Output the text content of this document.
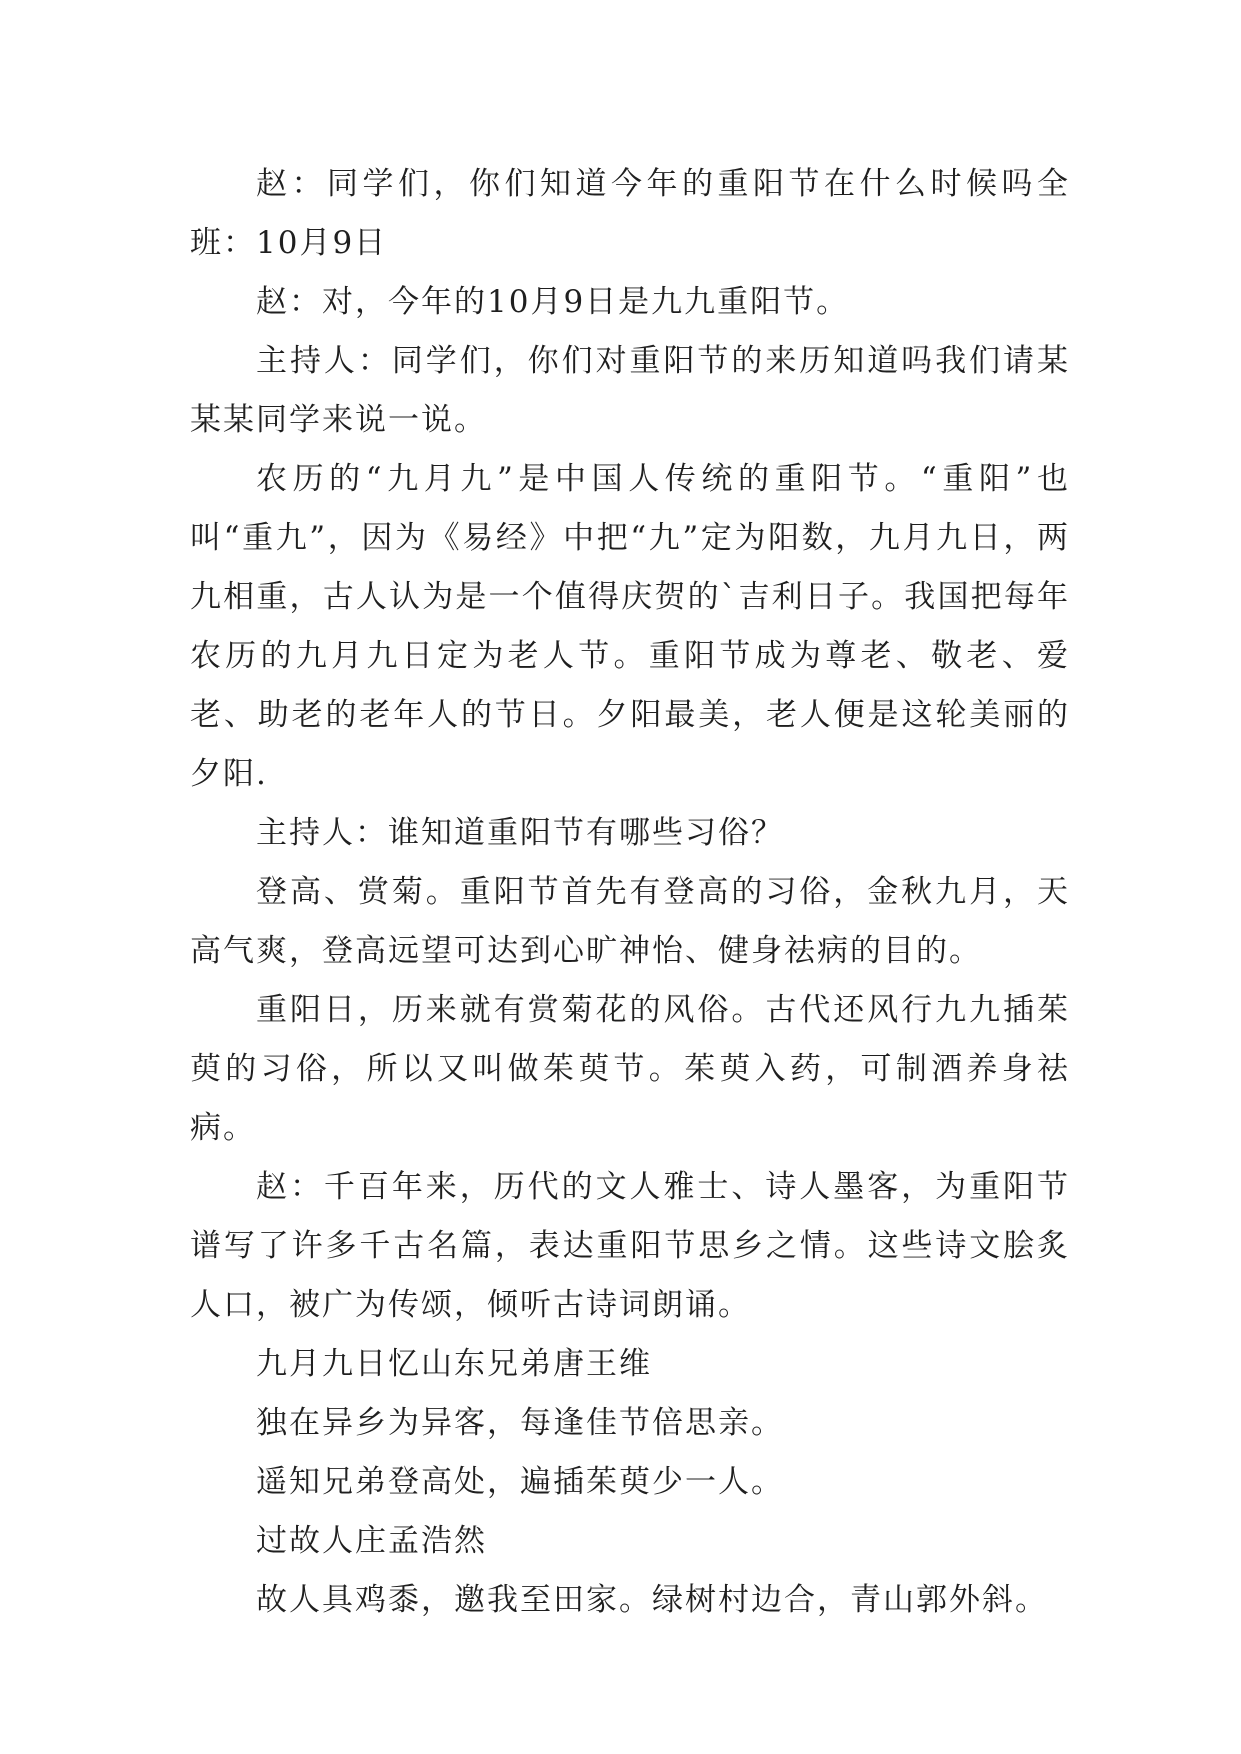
赵：同学们，你们知道今年的重阳节在什么时候吗全班：10月9日

赵：对，今年的10月9日是九九重阳节。

主持人：同学们，你们对重阳节的来历知道吗我们请某某某同学来说一说。

农历的“九月九”是中国人传统的重阳节。“重阳”也叫“重九”，因为《易经》中把“九”定为阳数，九月九日，两九相重，古人认为是一个值得庆贺的`吉利日子。我国把每年农历的九月九日定为老人节。重阳节成为尊老、敬老、爱老、助老的老年人的节日。夕阳最美，老人便是这轮美丽的夕阳.

主持人：谁知道重阳节有哪些习俗？

登高、赏菊。重阳节首先有登高的习俗，金秋九月，天高气爽，登高远望可达到心旷神怡、健身祛病的目的。

重阳日，历来就有赏菊花的风俗。古代还风行九九插茱萸的习俗，所以又叫做茱萸节。茱萸入药，可制酒养身祛病。

赵：千百年来，历代的文人雅士、诗人墨客，为重阳节谱写了许多千古名篇，表达重阳节思乡之情。这些诗文脍炙人口，被广为传颂，倾听古诗词朗诵。

九月九日忆山东兄弟唐王维

独在异乡为异客，每逢佳节倍思亲。

遥知兄弟登高处，遍插茱萸少一人。

过故人庄孟浩然

故人具鸡黍，邀我至田家。绿树村边合，青山郭外斜。
